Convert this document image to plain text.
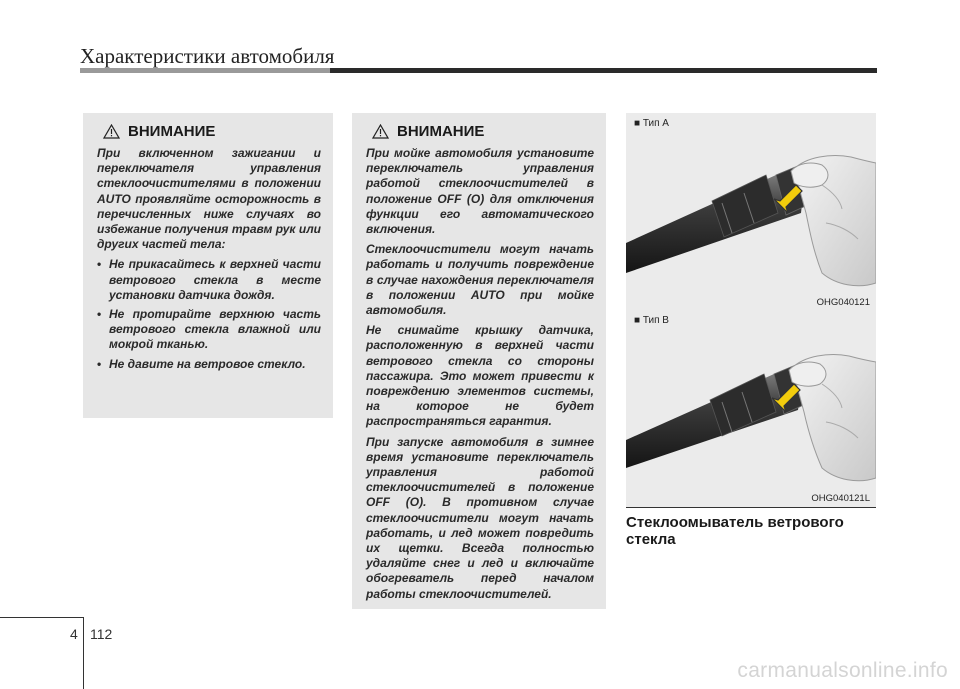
Характеристики автомобиля
ВНИМАНИЕ

При включенном зажигании и переключателя управления стеклоочистителями в положении AUTO проявляйте осторожность в перечисленных ниже случаях во избежание получения травм рук или других частей тела:

• Не прикасайтесь к верхней части ветрового стекла в месте установки датчика дождя.
• Не протирайте верхнюю часть ветрового стекла влажной или мокрой тканью.
• Не давите на ветровое стекло.
ВНИМАНИЕ

При мойке автомобиля установите переключатель управления работой стеклоочистителей в положение OFF (O) для отключения функции его автоматического включения.

Стеклоочистители могут начать работать и получить повреждение в случае нахождения переключателя в положении AUTO при мойке автомобиля.

Не снимайте крышку датчика, расположенную в верхней части ветрового стекла со стороны пассажира. Это может привести к повреждению элементов системы, на которое не будет распространяться гарантия.

При запуске автомобиля в зимнее время установите переключатель управления работой стеклоочистителей в положение OFF (O). В противном случае стеклоочистители могут начать работать, и лед может повредить их щетки. Всегда полностью удаляйте снег и лед и включайте обогреватель перед началом работы стеклоочистителей.

■ Тип A
OHG040121
■ Тип B
OHG040121L
Стеклоомыватель ветрового стекла
4 112
carmanualsonline.info
